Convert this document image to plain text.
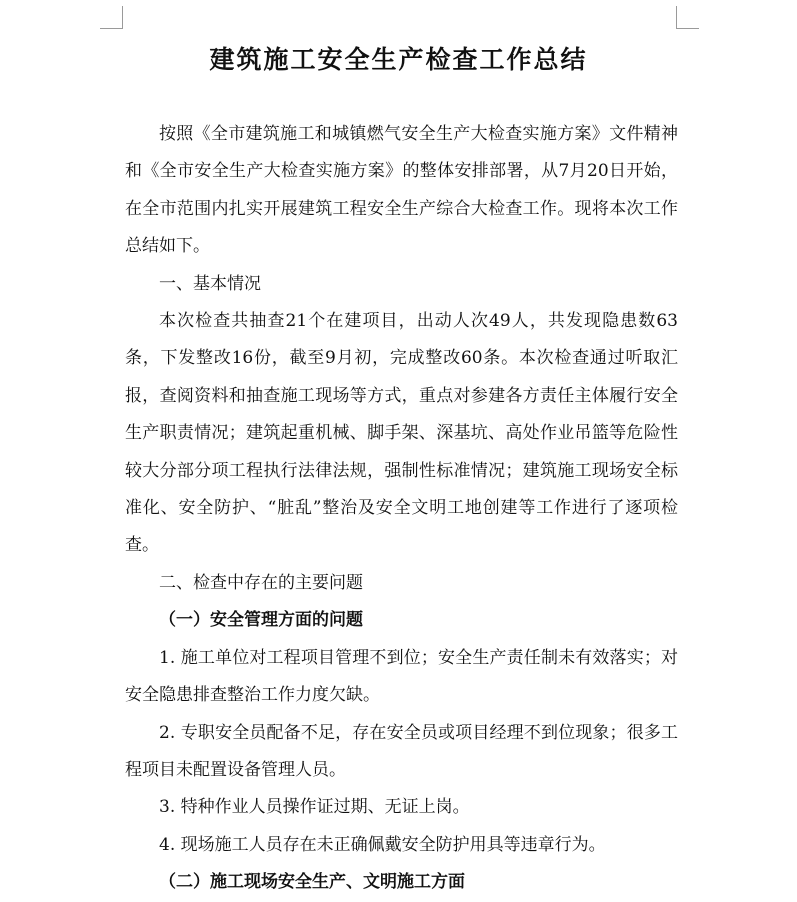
建筑施工安全生产检查工作总结

按照《全市建筑施工和城镇燃气安全生产大检查实施方案》文件精神和《全市安全生产大检查实施方案》的整体安排部署，从7月20日开始，在全市范围内扎实开展建筑工程安全生产综合大检查工作。现将本次工作总结如下。

一、基本情况

本次检查共抽查21个在建项目，出动人次49人，共发现隐患数63条，下发整改16份，截至9月初，完成整改60条。本次检查通过听取汇报，查阅资料和抽查施工现场等方式，重点对参建各方责任主体履行安全生产职责情况；建筑起重机械、脚手架、深基坑、高处作业吊篮等危险性较大分部分项工程执行法律法规，强制性标准情况；建筑施工现场安全标准化、安全防护、“脏乱”整治及安全文明工地创建等工作进行了逐项检查。

二、检查中存在的主要问题

（一）安全管理方面的问题

1. 施工单位对工程项目管理不到位；安全生产责任制未有效落实；对安全隐患排查整治工作力度欠缺。

2. 专职安全员配备不足，存在安全员或项目经理不到位现象；很多工程项目未配置设备管理人员。

3. 特种作业人员操作证过期、无证上岗。

4. 现场施工人员存在未正确佩戴安全防护用具等违章行为。

（二）施工现场安全生产、文明施工方面
